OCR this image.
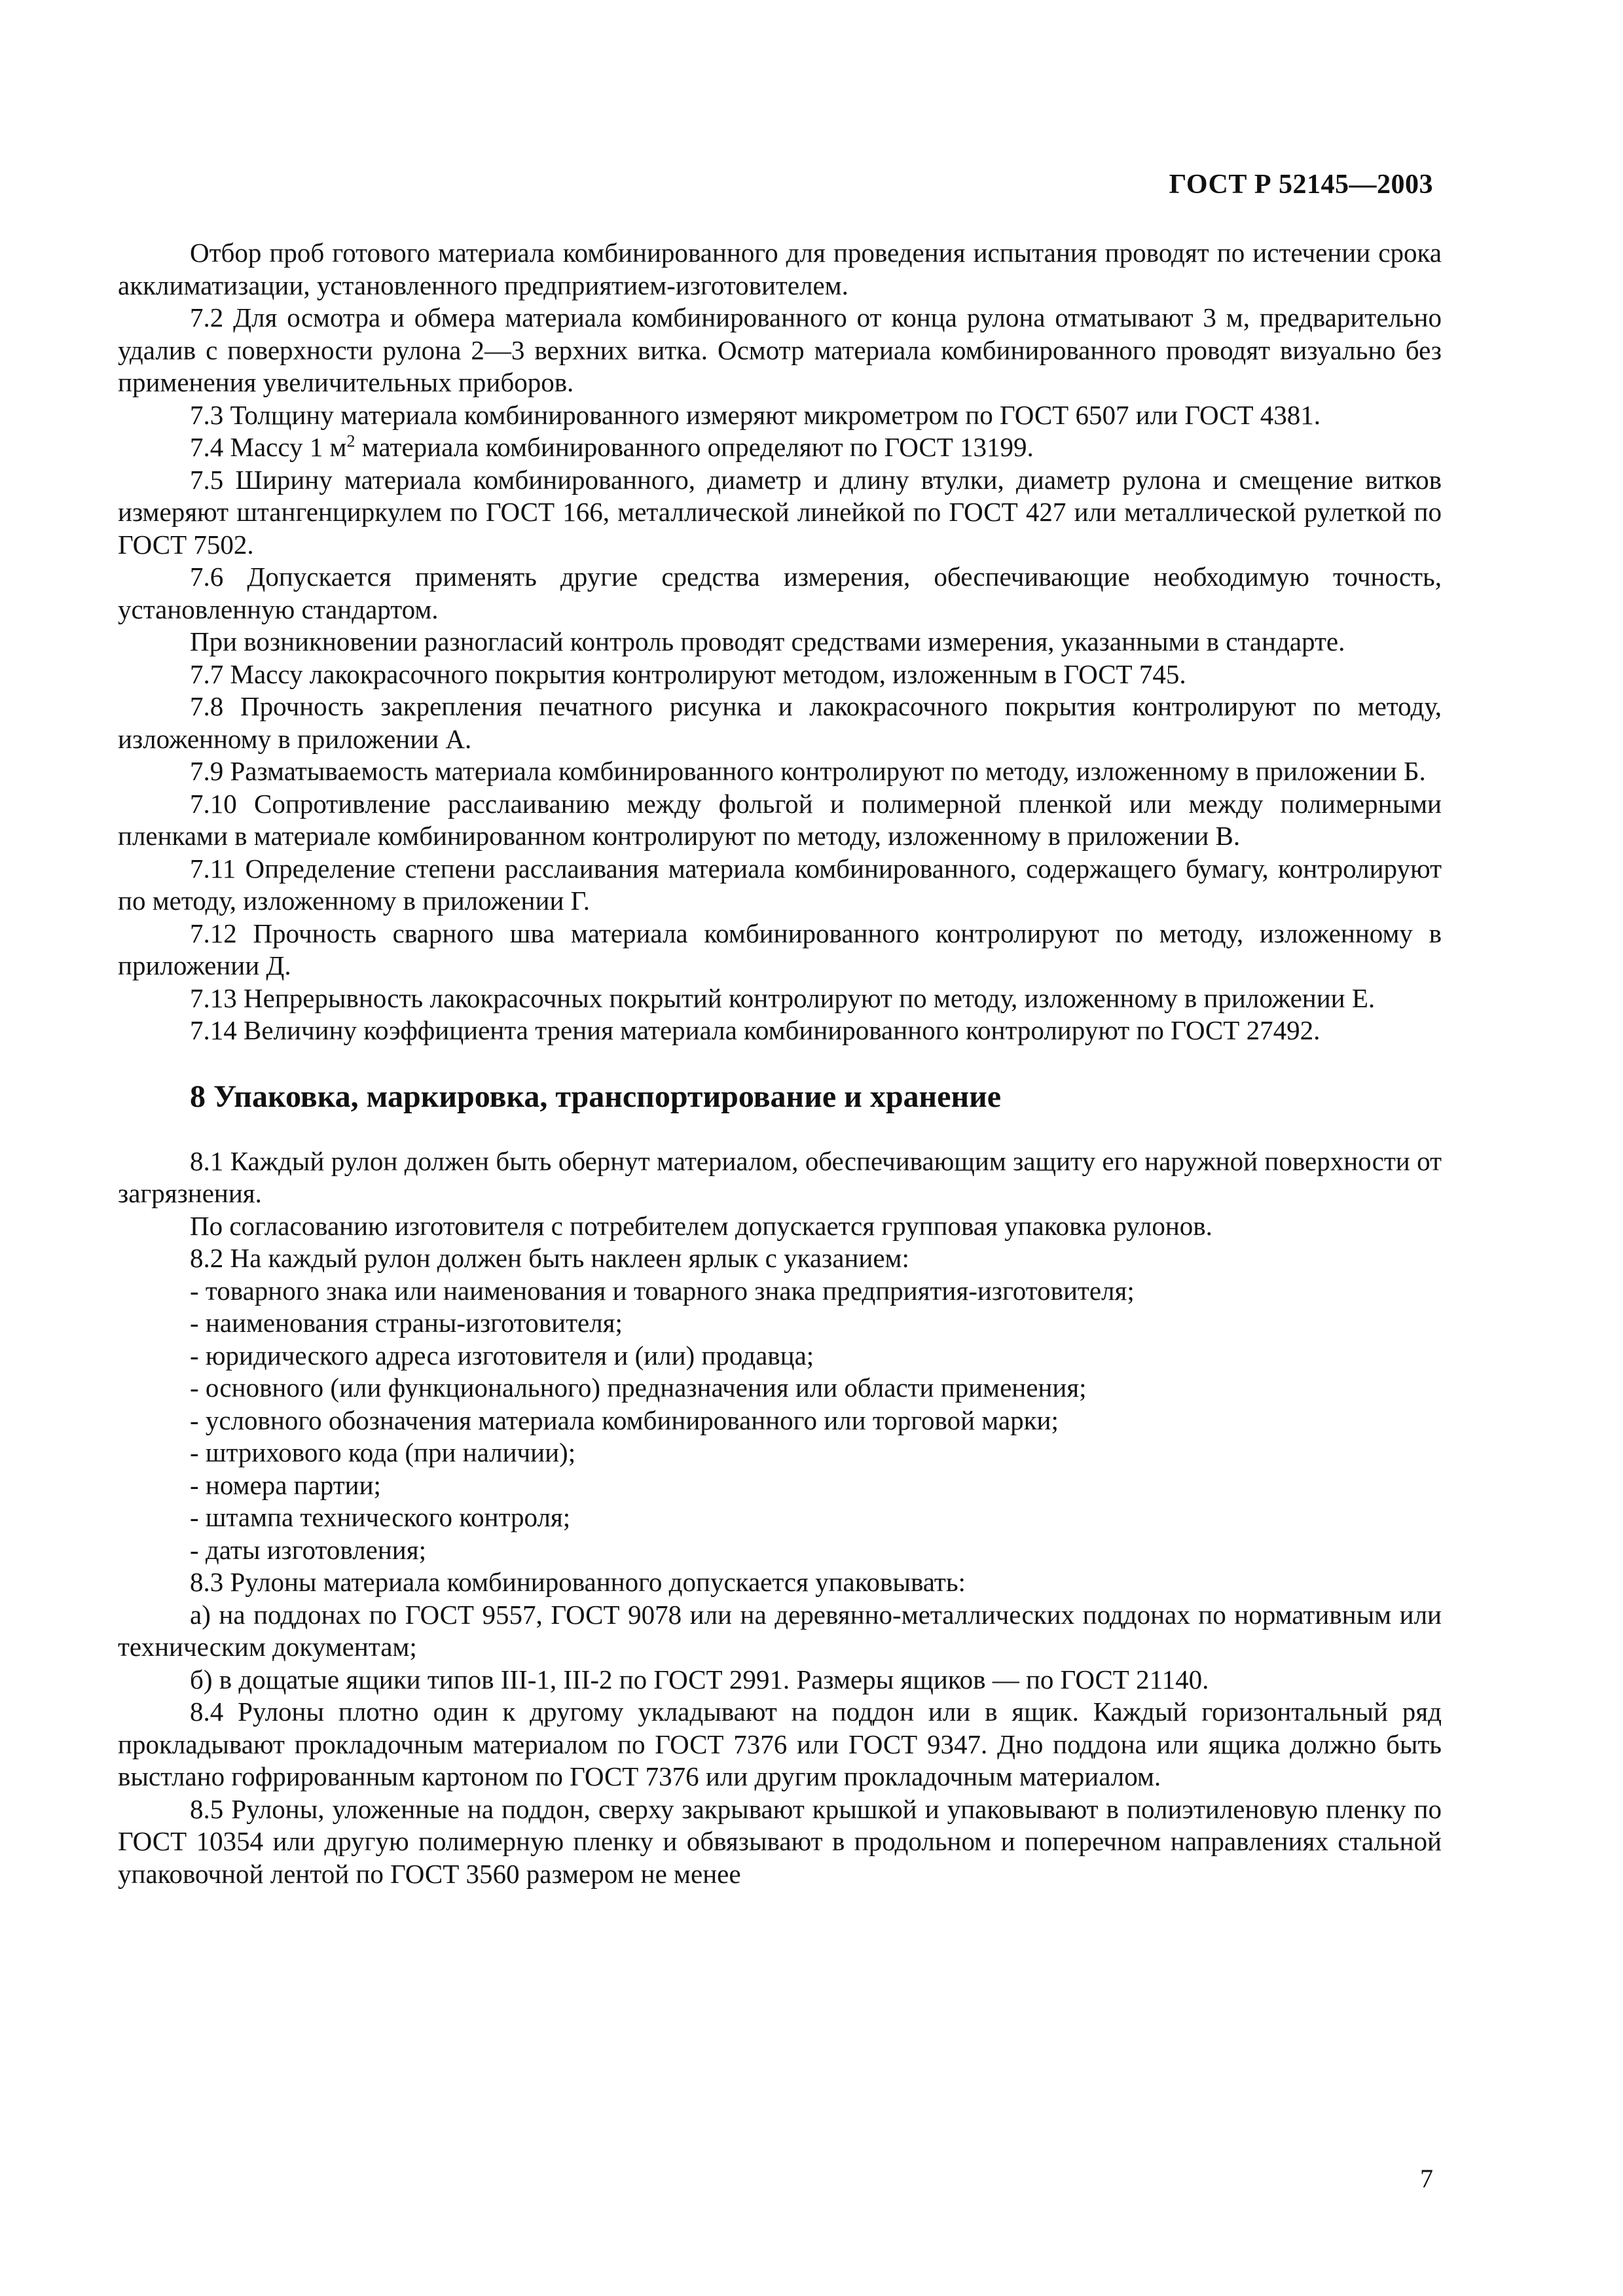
ГОСТ Р 52145—2003

Отбор проб готового материала комбинированного для проведения испытания проводят по истечении срока акклиматизации, установленного предприятием-изготовителем.

7.2 Для осмотра и обмера материала комбинированного от конца рулона отматывают 3 м, предварительно удалив с поверхности рулона 2—3 верхних витка. Осмотр материала комбинированного проводят визуально без применения увеличительных приборов.

7.3 Толщину материала комбинированного измеряют микрометром по ГОСТ 6507 или ГОСТ 4381.

7.4 Массу 1 $м^2$ материала комбинированного определяют по ГОСТ 13199.

7.5 Ширину материала комбинированного, диаметр и длину втулки, диаметр рулона и смещение витков измеряют штангенциркулем по ГОСТ 166, металлической линейкой по ГОСТ 427 или металлической рулеткой по ГОСТ 7502.

7.6 Допускается применять другие средства измерения, обеспечивающие необходимую точность, установленную стандартом.

При возникновении разногласий контроль проводят средствами измерения, указанными в стандарте.

7.7 Массу лакокрасочного покрытия контролируют методом, изложенным в ГОСТ 745.

7.8 Прочность закрепления печатного рисунка и лакокрасочного покрытия контролируют по методу, изложенному в приложении А.

7.9 Разматываемость материала комбинированного контролируют по методу, изложенному в приложении Б.

7.10 Сопротивление расслаиванию между фольгой и полимерной пленкой или между полимерными пленками в материале комбинированном контролируют по методу, изложенному в приложении В.

7.11 Определение степени расслаивания материала комбинированного, содержащего бумагу, контролируют по методу, изложенному в приложении Г.

7.12 Прочность сварного шва материала комбинированного контролируют по методу, изложенному в приложении Д.

7.13 Непрерывность лакокрасочных покрытий контролируют по методу, изложенному в приложении Е.

7.14 Величину коэффициента трения материала комбинированного контролируют по ГОСТ 27492.

8 Упаковка, маркировка, транспортирование и хранение

8.1 Каждый рулон должен быть обернут материалом, обеспечивающим защиту его наружной поверхности от загрязнения.

По согласованию изготовителя с потребителем допускается групповая упаковка рулонов.

8.2 На каждый рулон должен быть наклеен ярлык с указанием:

- товарного знака или наименования и товарного знака предприятия-изготовителя;

- наименования страны-изготовителя;

- юридического адреса изготовителя и (или) продавца;

- основного (или функционального) предназначения или области применения;

- условного обозначения материала комбинированного или торговой марки;

- штрихового кода (при наличии);

- номера партии;

- штампа технического контроля;

- даты изготовления;

8.3 Рулоны материала комбинированного допускается упаковывать:

а) на поддонах по ГОСТ 9557, ГОСТ 9078 или на деревянно-металлических поддонах по нормативным или техническим документам;

б) в дощатые ящики типов III-1, III-2 по ГОСТ 2991. Размеры ящиков — по ГОСТ 21140.

8.4 Рулоны плотно один к другому укладывают на поддон или в ящик. Каждый горизонтальный ряд прокладывают прокладочным материалом по ГОСТ 7376 или ГОСТ 9347. Дно поддона или ящика должно быть выстлано гофрированным картоном по ГОСТ 7376 или другим прокладочным материалом.

8.5 Рулоны, уложенные на поддон, сверху закрывают крышкой и упаковывают в полиэтиленовую пленку по ГОСТ 10354 или другую полимерную пленку и обвязывают в продольном и поперечном направлениях стальной упаковочной лентой по ГОСТ 3560 размером не менее

7
